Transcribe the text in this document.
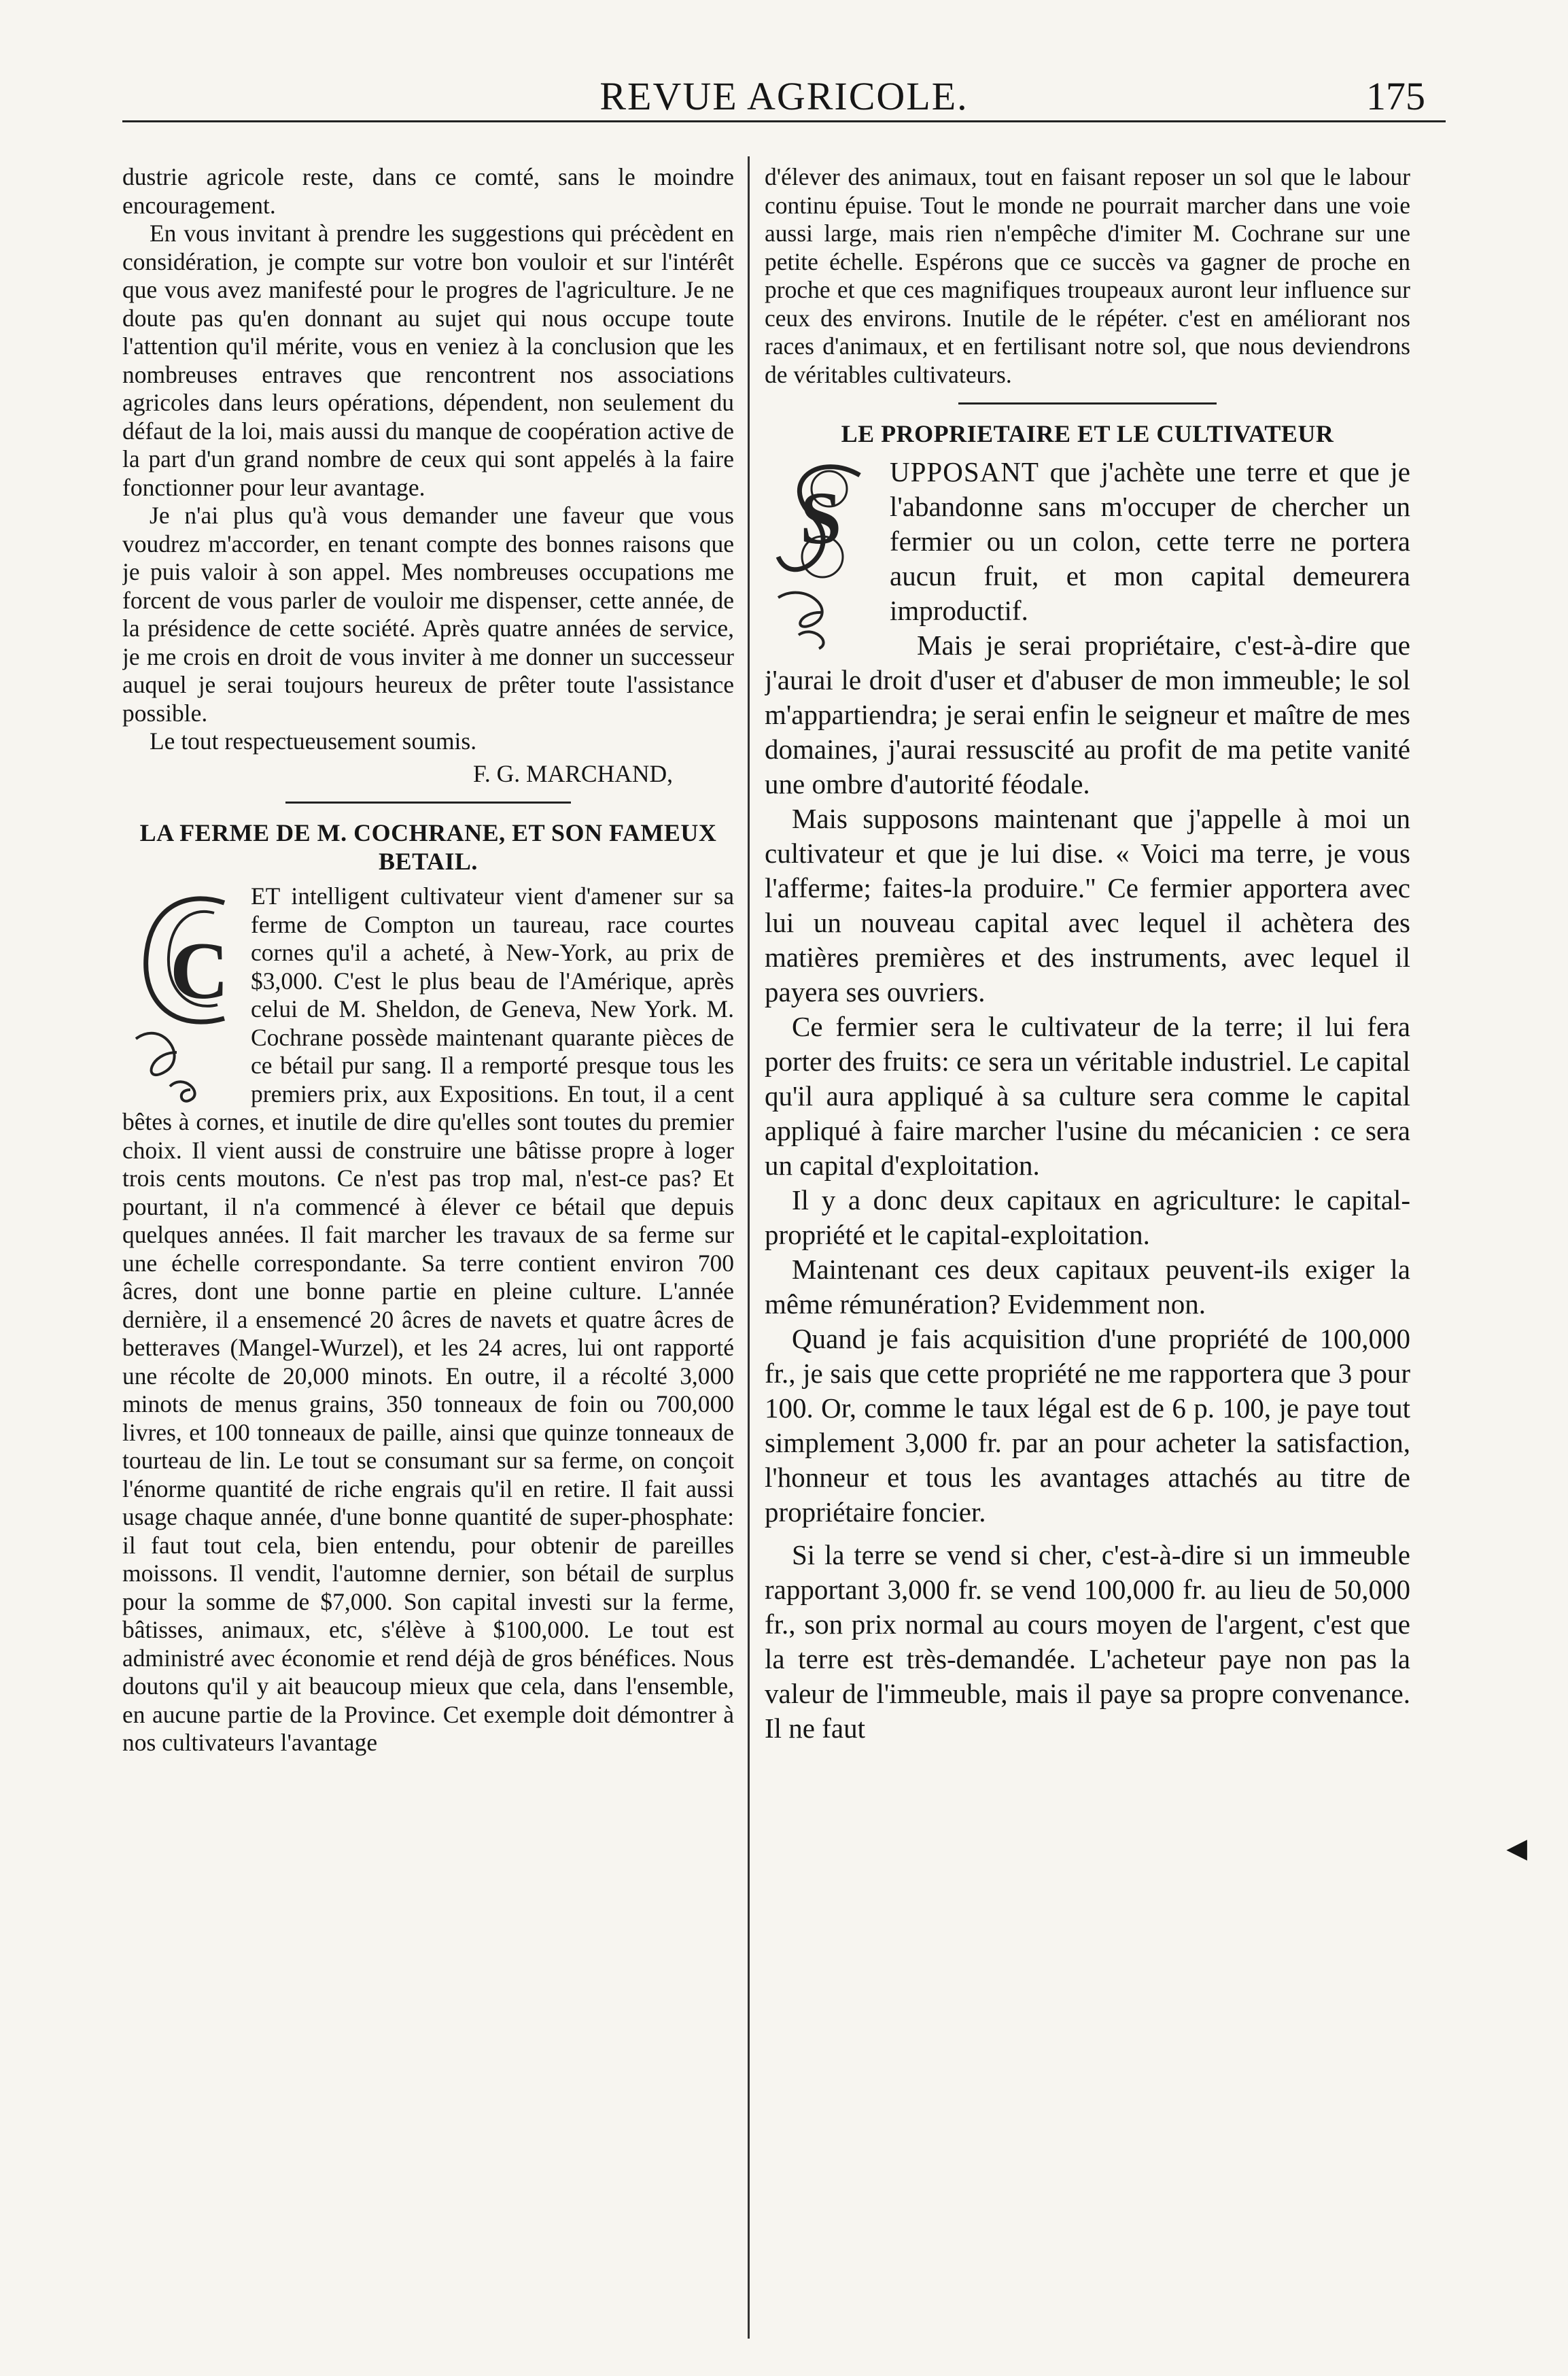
REVUE AGRICOLE.	175

dustrie agricole reste, dans ce comté, sans le moindre encouragement.

En vous invitant à prendre les suggestions qui précèdent en considération, je compte sur votre bon vouloir et sur l'intérêt que vous avez manifesté pour le progres de l'agriculture. Je ne doute pas qu'en donnant au sujet qui nous occupe toute l'attention qu'il mérite, vous en veniez à la conclusion que les nombreuses entraves que rencontrent nos associations agricoles dans leurs opérations, dépendent, non seulement du défaut de la loi, mais aussi du manque de coopération active de la part d'un grand nombre de ceux qui sont appelés à la faire fonctionner pour leur avantage.

Je n'ai plus qu'à vous demander une faveur que vous voudrez m'accorder, en tenant compte des bonnes raisons que je puis valoir à son appel. Mes nombreuses occupations me forcent de vous parler de vouloir me dispenser, cette année, de la présidence de cette société. Après quatre années de service, je me crois en droit de vous inviter à me donner un successeur auquel je serai toujours heureux de prêter toute l'assistance possible.

Le tout respectueusement soumis.

F. G. MARCHAND,

LA FERME DE M. COCHRANE, ET SON FAMEUX BETAIL.
C

ET intelligent cultivateur vient d'amener sur sa ferme de Compton un taureau, race courtes cornes qu'il a acheté, à New-York, au prix de $3,000. C'est le plus beau de l'Amérique, après celui de M. Sheldon, de Geneva, New York. M. Cochrane possède maintenant quarante pièces de ce bétail pur sang. Il a remporté presque tous les premiers prix, aux Expositions. En tout, il a cent bêtes à cornes, et inutile de dire qu'elles sont toutes du premier choix. Il vient aussi de construire une bâtisse propre à loger trois cents moutons. Ce n'est pas trop mal, n'est-ce pas? Et pourtant, il n'a commencé à élever ce bétail que depuis quelques années. Il fait marcher les travaux de sa ferme sur une échelle correspondante. Sa terre contient environ 700 âcres, dont une bonne partie en pleine culture. L'année dernière, il a ensemencé 20 âcres de navets et quatre âcres de betteraves (Mangel-Wurzel), et les 24 acres, lui ont rapporté une récolte de 20,000 minots. En outre, il a récolté 3,000 minots de menus grains, 350 tonneaux de foin ou 700,000 livres, et 100 tonneaux de paille, ainsi que quinze tonneaux de tourteau de lin. Le tout se consumant sur sa ferme, on conçoit l'énorme quantité de riche engrais qu'il en retire. Il fait aussi usage chaque année, d'une bonne quantité de super-phosphate: il faut tout cela, bien entendu, pour obtenir de pareilles moissons. Il vendit, l'automne dernier, son bétail de surplus pour la somme de $7,000. Son capital investi sur la ferme, bâtisses, animaux, etc, s'élève à $100,000. Le tout est administré avec économie et rend déjà de gros bénéfices. Nous doutons qu'il y ait beaucoup mieux que cela, dans l'ensemble, en aucune partie de la Province. Cet exemple doit démontrer à nos cultivateurs l'avantage

d'élever des animaux, tout en faisant reposer un sol que le labour continu épuise. Tout le monde ne pourrait marcher dans une voie aussi large, mais rien n'empêche d'imiter M. Cochrane sur une petite échelle. Espérons que ce succès va gagner de proche en proche et que ces magnifiques troupeaux auront leur influence sur ceux des environs. Inutile de le répéter. c'est en améliorant nos races d'animaux, et en fertilisant notre sol, que nous deviendrons de véritables cultivateurs.

LE PROPRIETAIRE ET LE CULTIVATEUR
S

UPPOSANT que j'achète une terre et que je l'abandonne sans m'occuper de chercher un fermier ou un colon, cette terre ne portera aucun fruit, et mon capital demeurera improductif.

Mais je serai propriétaire, c'est-à-dire que j'aurai le droit d'user et d'abuser de mon immeuble; le sol m'appartiendra; je serai enfin le seigneur et maître de mes domaines, j'aurai ressuscité au profit de ma petite vanité une ombre d'autorité féodale.

Mais supposons maintenant que j'appelle à moi un cultivateur et que je lui dise. « Voici ma terre, je vous l'afferme; faites-la produire." Ce fermier apportera avec lui un nouveau capital avec lequel il achètera des matières premières et des instruments, avec lequel il payera ses ouvriers.

Ce fermier sera le cultivateur de la terre; il lui fera porter des fruits: ce sera un véritable industriel. Le capital qu'il aura appliqué à sa culture sera comme le capital appliqué à faire marcher l'usine du mécanicien : ce sera un capital d'exploitation.

Il y a donc deux capitaux en agriculture: le capital-propriété et le capital-exploitation.

Maintenant ces deux capitaux peuvent-ils exiger la même rémunération? Evidemment non.

Quand je fais acquisition d'une propriété de 100,000 fr., je sais que cette propriété ne me rapportera que 3 pour 100. Or, comme le taux légal est de 6 p. 100, je paye tout simplement 3,000 fr. par an pour acheter la satisfaction, l'honneur et tous les avantages attachés au titre de propriétaire foncier.

Si la terre se vend si cher, c'est-à-dire si un immeuble rapportant 3,000 fr. se vend 100,000 fr. au lieu de 50,000 fr., son prix normal au cours moyen de l'argent, c'est que la terre est très-demandée. L'acheteur paye non pas la valeur de l'immeuble, mais il paye sa propre convenance. Il ne faut

◀
